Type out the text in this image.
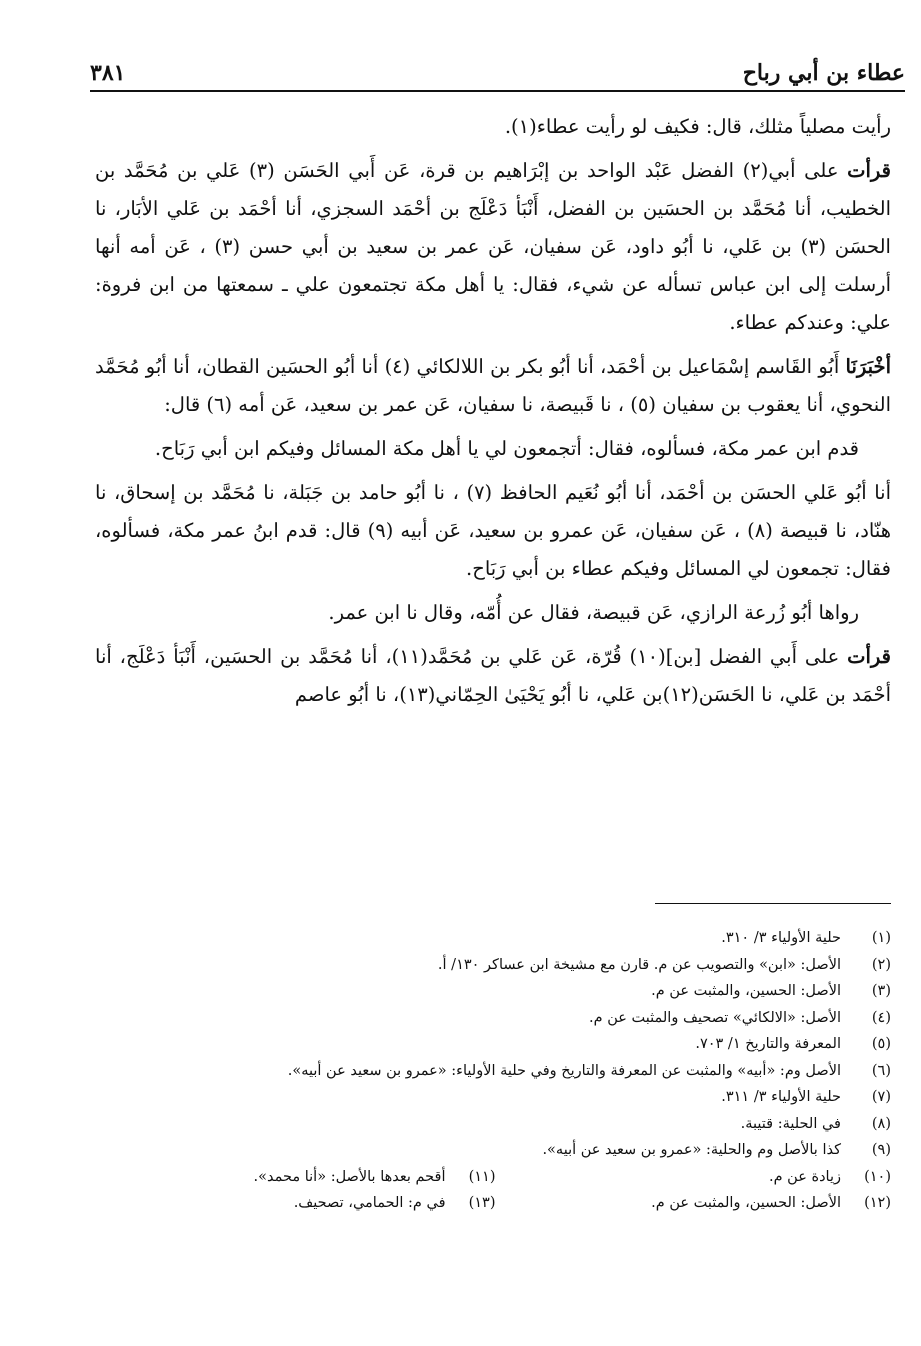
عطاء بن أبي رباح
٣٨١

رأيت مصلياً مثلك، قال: فكيف لو رأيت عطاء(١).

قرأت على أبي(٢) الفضل عَبْد الواحد بن إبْرَاهيم بن قرة، عَن أَبي الحَسَن (٣) عَلي بن مُحَمَّد بن الخطيب، أنا مُحَمَّد بن الحسَين بن الفضل، أَنْبَأ دَعْلَج بن أحْمَد السجزي، أنا أحْمَد بن عَلي الأبَار، نا الحسَن (٣) بن عَلي، نا أبُو داود، عَن سفيان، عَن عمر بن سعيد بن أبي حسن (٣) ، عَن أمه أنها أرسلت إلى ابن عباس تسأله عن شيء، فقال: يا أهل مكة تجتمعون علي ـ سمعتها من ابن فروة: علي: وعندكم عطاء.

أخْبَرَنَا أَبُو القَاسم إسْمَاعيل بن أحْمَد، أنا أبُو بكر بن اللالكائي (٤) أنا أبُو الحسَين القطان، أنا أبُو مُحَمَّد النحوي، أنا يعقوب بن سفيان (٥) ، نا قَبيصة، نا سفيان، عَن عمر بن سعيد، عَن أمه (٦) قال:

قدم ابن عمر مكة، فسألوه، فقال: أتجمعون لي يا أهل مكة المسائل وفيكم ابن أبي رَبَاح.

أنا أبُو عَلي الحسَن بن أحْمَد، أنا أبُو نُعَيم الحافظ (٧) ، نا أبُو حامد بن جَبَلة، نا مُحَمَّد بن إسحاق، نا هنّاد، نا قبيصة (٨) ، عَن سفيان، عَن عمرو بن سعيد، عَن أبيه (٩) قال: قدم ابنُ عمر مكة، فسألوه، فقال: تجمعون لي المسائل وفيكم عطاء بن أبي رَبَاح.

رواها أبُو زُرعة الرازي، عَن قبيصة، فقال عن أُمّه، وقال نا ابن عمر.

قرأت على أَبي الفضل [بن](١٠) قُرّة، عَن عَلي بن مُحَمَّد(١١)، أنا مُحَمَّد بن الحسَين، أَنْبَأ دَعْلَج، أنا أحْمَد بن عَلي، نا الحَسَن(١٢)بن عَلي، نا أبُو يَحْيَىٰ الحِمّاني(١٣)، نا أبُو عاصم

(١)
حلية الأولياء ٣/ ٣١٠.
(٢)
الأصل: «ابن» والتصويب عن م. قارن مع مشيخة ابن عساكر ١٣٠/ أ.
(٣)
الأصل: الحسين، والمثبت عن م.
(٤)
الأصل: «الالكائي» تصحيف والمثبت عن م.
(٥)
المعرفة والتاريخ ١/ ٧٠٣.
(٦)
الأصل وم: «أبيه» والمثبت عن المعرفة والتاريخ وفي حلية الأولياء: «عمرو بن سعيد عن أبيه».
(٧)
حلية الأولياء ٣/ ٣١١.
(٨)
في الحلية: قتيبة.
(٩)
كذا بالأصل وم والحلية: «عمرو بن سعيد عن أبيه».
(١٠)
زيادة عن م.
(١١)
أقحم بعدها بالأصل: «أنا محمد».
(١٢)
الأصل: الحسين، والمثبت عن م.
(١٣)
في م: الحمامي، تصحيف.
